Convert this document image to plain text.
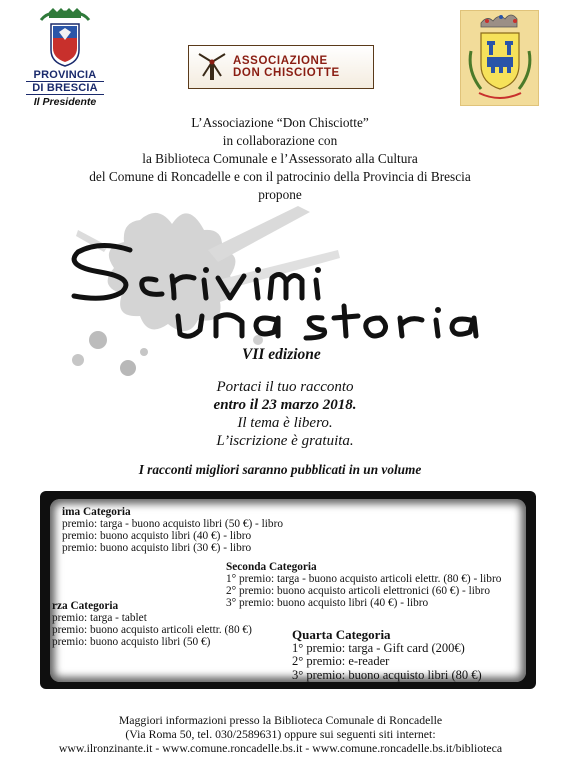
PROVINCIA
DI BRESCIA
Il Presidente
ASSOCIAZIONE
DON CHISCIOTTE
L’Associazione “Don Chisciotte”
in collaborazione con
la Biblioteca Comunale e l’Assessorato alla Cultura
del Comune di Roncadelle e con il patrocinio della Provincia di Brescia
propone
VII edizione
Portaci il tuo racconto
entro il 23 marzo 2018.
Il tema è libero.
L’iscrizione è gratuita.
I racconti migliori saranno pubblicati in un volume
ima Categoria
premio: targa - buono acquisto libri (50 €) - libro
premio: buono acquisto libri (40 €) - libro
premio: buono acquisto libri (30 €) - libro
Seconda Categoria
1° premio: targa - buono acquisto articoli elettr. (80 €) - libro
2° premio: buono acquisto articoli elettronici (60 €) - libro
3° premio: buono acquisto libri (40 €) - libro
rza Categoria
premio: targa - tablet
premio: buono acquisto articoli elettr. (80 €)
premio: buono acquisto libri (50 €)	Quarta Categoria
1° premio: targa - Gift card (200€)
2° premio: e-reader
3° premio: buono acquisto libri (80 €)
Maggiori informazioni presso la Biblioteca Comunale di Roncadelle
(Via Roma 50, tel. 030/2589631) oppure sui seguenti siti internet:
www.ilronzinante.it - www.comune.roncadelle.bs.it - www.comune.roncadelle.bs.it/biblioteca
